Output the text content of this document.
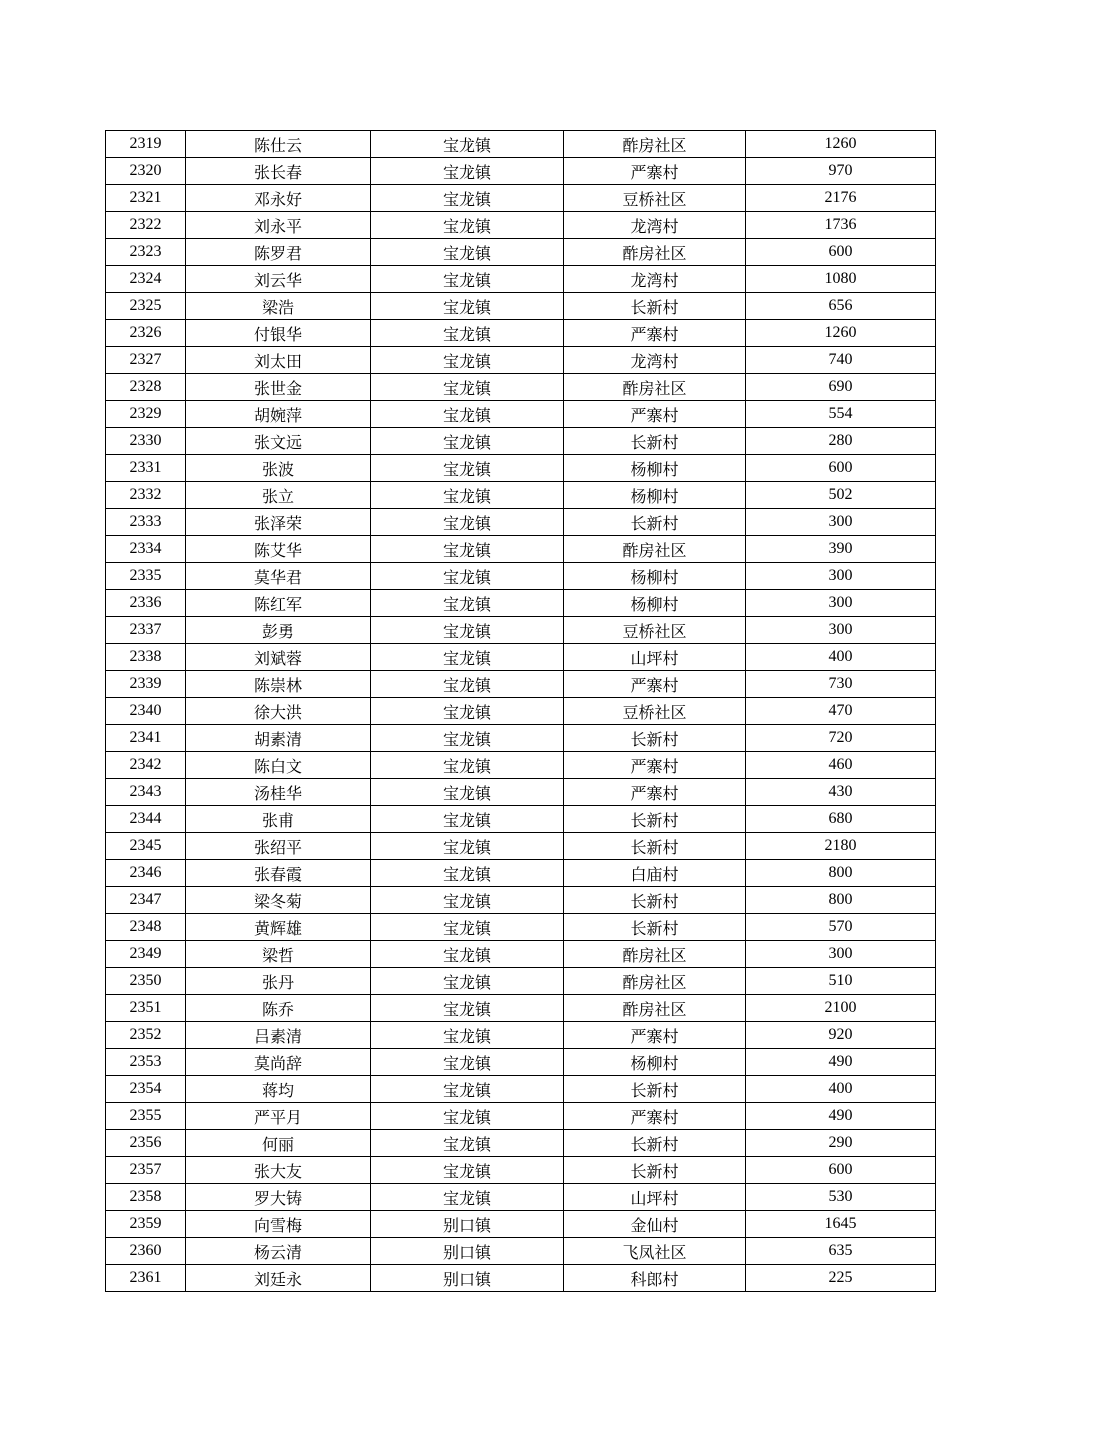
2319	陈仕云	宝龙镇	酢房社区	1260
2320	张长春	宝龙镇	严寨村	970
2321	邓永好	宝龙镇	豆桥社区	2176
2322	刘永平	宝龙镇	龙湾村	1736
2323	陈罗君	宝龙镇	酢房社区	600
2324	刘云华	宝龙镇	龙湾村	1080
2325	梁浩	宝龙镇	长新村	656
2326	付银华	宝龙镇	严寨村	1260
2327	刘太田	宝龙镇	龙湾村	740
2328	张世金	宝龙镇	酢房社区	690
2329	胡婉萍	宝龙镇	严寨村	554
2330	张文远	宝龙镇	长新村	280
2331	张波	宝龙镇	杨柳村	600
2332	张立	宝龙镇	杨柳村	502
2333	张泽荣	宝龙镇	长新村	300
2334	陈艾华	宝龙镇	酢房社区	390
2335	莫华君	宝龙镇	杨柳村	300
2336	陈红军	宝龙镇	杨柳村	300
2337	彭勇	宝龙镇	豆桥社区	300
2338	刘斌蓉	宝龙镇	山坪村	400
2339	陈崇林	宝龙镇	严寨村	730
2340	徐大洪	宝龙镇	豆桥社区	470
2341	胡素清	宝龙镇	长新村	720
2342	陈白文	宝龙镇	严寨村	460
2343	汤桂华	宝龙镇	严寨村	430
2344	张甫	宝龙镇	长新村	680
2345	张绍平	宝龙镇	长新村	2180
2346	张春霞	宝龙镇	白庙村	800
2347	梁冬菊	宝龙镇	长新村	800
2348	黄辉雄	宝龙镇	长新村	570
2349	梁哲	宝龙镇	酢房社区	300
2350	张丹	宝龙镇	酢房社区	510
2351	陈乔	宝龙镇	酢房社区	2100
2352	吕素清	宝龙镇	严寨村	920
2353	莫尚辞	宝龙镇	杨柳村	490
2354	蒋均	宝龙镇	长新村	400
2355	严平月	宝龙镇	严寨村	490
2356	何丽	宝龙镇	长新村	290
2357	张大友	宝龙镇	长新村	600
2358	罗大铸	宝龙镇	山坪村	530
2359	向雪梅	别口镇	金仙村	1645
2360	杨云清	别口镇	飞凤社区	635
2361	刘廷永	别口镇	科郎村	225
